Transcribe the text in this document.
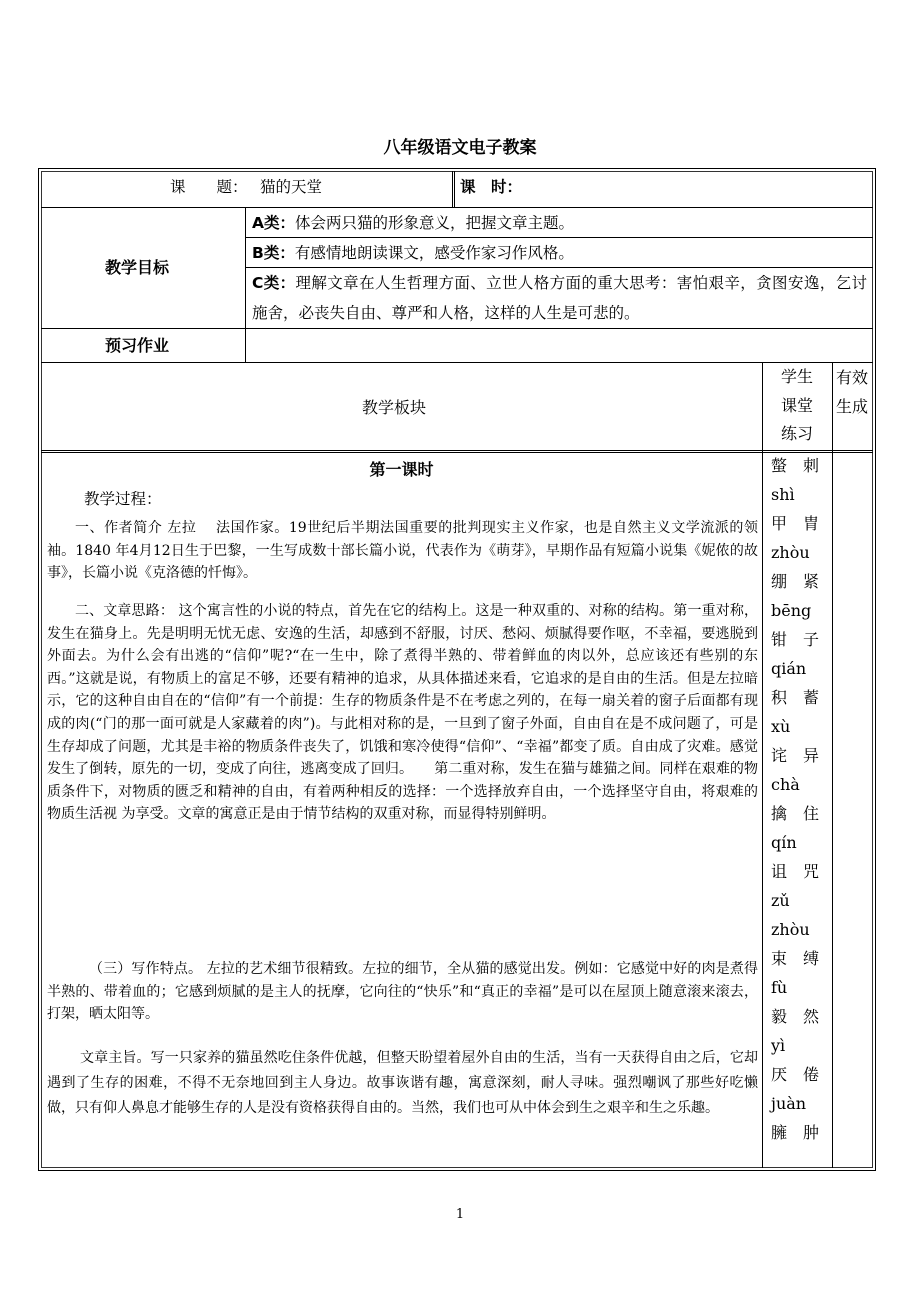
八年级语文电子教案
课　　题： 猫的天堂	课　时：
教学目标
A类：体会两只猫的形象意义，把握文章主题。
B类：有感情地朗读课文，感受作家习作风格。
C类：理解文章在人生哲理方面、立世人格方面的重大思考：害怕艰辛，贪图安逸，乞讨施舍，必丧失自由、尊严和人格，这样的人生是可悲的。
预习作业
教学板块
学生
课堂
练习
有效
生成
第一课时
教学过程：
一、作者简介 左拉　 法国作家。19世纪后半期法国重要的批判现实主义作家，也是自然主义文学流派的领袖。1840 年4月12日生于巴黎，一生写成数十部长篇小说，代表作为《萌芽》，早期作品有短篇小说集《妮侬的故事》，长篇小说《克洛德的忏悔》。
二、文章思路： 这个寓言性的小说的特点，首先在它的结构上。这是一种双重的、对称的结构。第一重对称，发生在猫身上。先是明明无忧无虑、安逸的生活，却感到不舒服，讨厌、愁闷、烦腻得要作呕，不幸福，要逃脱到外面去。为什么会有出逃的“信仰”呢?“在一生中，除了煮得半熟的、带着鲜血的肉以外，总应该还有些别的东西。”这就是说，有物质上的富足不够，还要有精神的追求，从具体描述来看，它追求的是自由的生活。但是左拉暗示，它的这种自由自在的“信仰”有一个前提：生存的物质条件是不在考虑之列的，在每一扇关着的窗子后面都有现成的肉(“门的那一面可就是人家藏着的肉”)。与此相对称的是，一旦到了窗子外面，自由自在是不成问题了，可是生存却成了问题，尤其是丰裕的物质条件丧失了，饥饿和寒冷使得“信仰”、“幸福”都变了质。自由成了灾难。感觉发生了倒转，原先的一切，变成了向往，逃离变成了回归。　　第二重对称，发生在猫与雄猫之间。同样在艰难的物质条件下，对物质的匮乏和精神的自由，有着两种相反的选择：一个选择放弃自由，一个选择坚守自由，将艰难的物质生活视 为享受。文章的寓意正是由于情节结构的双重对称，而显得特别鲜明。
（三）写作特点。 左拉的艺术细节很精致。左拉的细节，全从猫的感觉出发。例如：它感觉中好的肉是煮得半熟的、带着血的；它感到烦腻的是主人的抚摩，它向往的“快乐”和“真正的幸福”是可以在屋顶上随意滚来滚去，打架，晒太阳等。
文章主旨。写一只家养的猫虽然吃住条件优越，但整天盼望着屋外自由的生活，当有一天获得自由之后，它却遇到了生存的困难，不得不无奈地回到主人身边。故事诙谐有趣，寓意深刻，耐人寻味。强烈嘲讽了那些好吃懒做，只有仰人鼻息才能够生存的人是没有资格获得自由的。当然，我们也可从中体会到生之艰辛和生之乐趣。
螫　刺
shì
甲　胄
zhòu
绷　紧
bēng
钳　子
qián
积　蓄
xù
诧　异
chà
擒　住
qín
诅　咒
zǔ
zhòu
束　缚
fù
毅　然
yì
厌　倦
juàn
臃　肿
1
